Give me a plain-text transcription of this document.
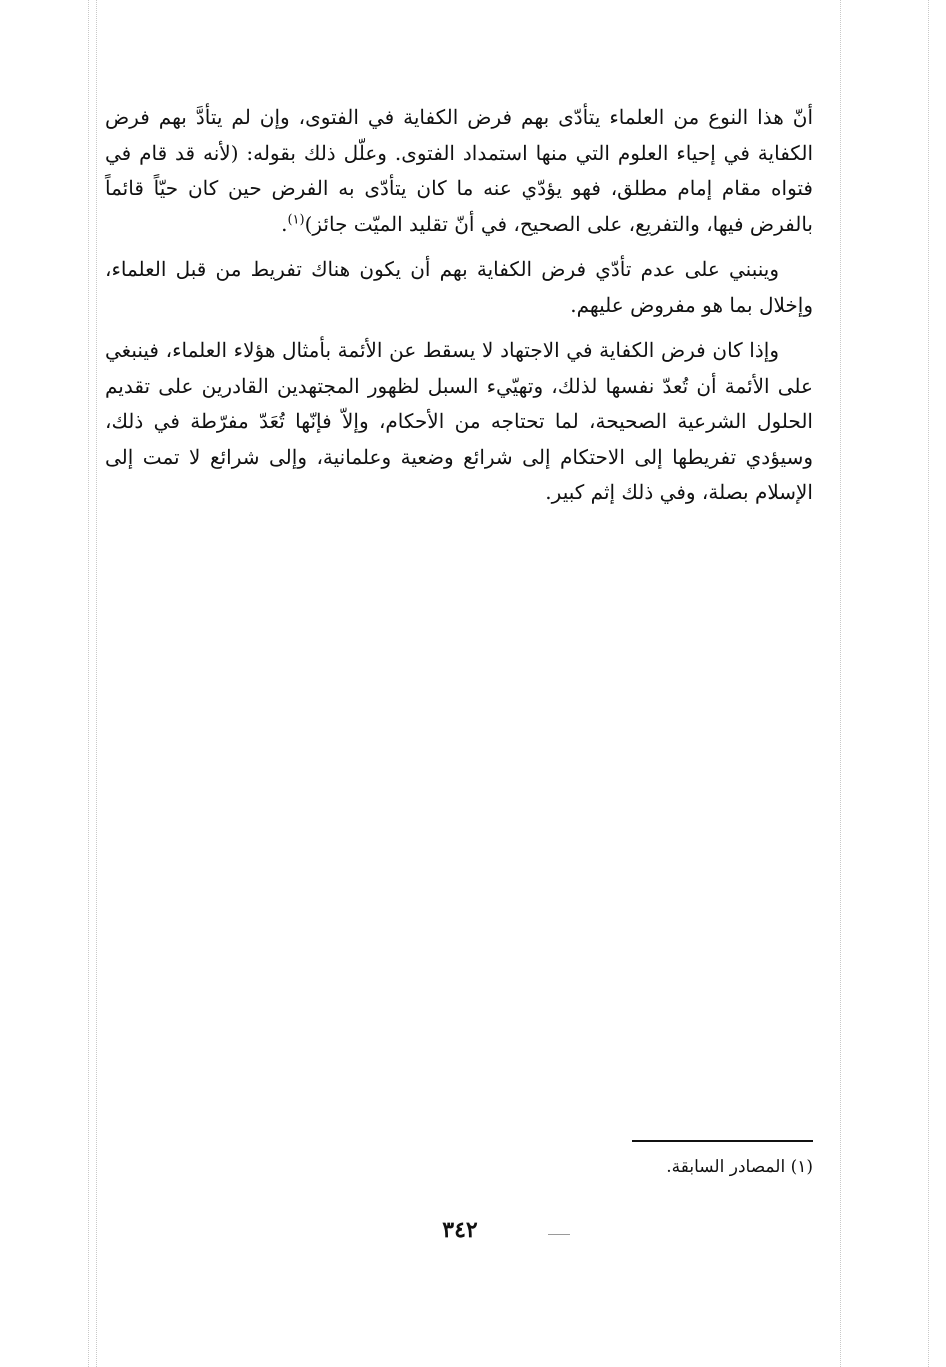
أنّ هذا النوع من العلماء يتأدّى بهم فرض الكفاية في الفتوى، وإن لم يتأدَّ بهم فرض الكفاية في إحياء العلوم التي منها استمداد الفتوى. وعلّل ذلك بقوله: (لأنه قد قام في فتواه مقام إمام مطلق، فهو يؤدّي عنه ما كان يتأدّى به الفرض حين كان حيّاً قائماً بالفرض فيها، والتفريع، على الصحيح، في أنّ تقليد الميّت جائز)$^{(١)}$.
وينبني على عدم تأدّي فرض الكفاية بهم أن يكون هناك تفريط من قبل العلماء، وإخلال بما هو مفروض عليهم.
وإذا كان فرض الكفاية في الاجتهاد لا يسقط عن الأئمة بأمثال هؤلاء العلماء، فينبغي على الأئمة أن تُعدّ نفسها لذلك، وتهيّيء السبل لظهور المجتهدين القادرين على تقديم الحلول الشرعية الصحيحة، لما تحتاجه من الأحكام، وإلاّ فإنّها تُعَدّ مفرّطة في ذلك، وسيؤدي تفريطها إلى الاحتكام إلى شرائع وضعية وعلمانية، وإلى شرائع لا تمت إلى الإسلام بصلة، وفي ذلك إثم كبير.
(١) المصادر السابقة.
٣٤٢
